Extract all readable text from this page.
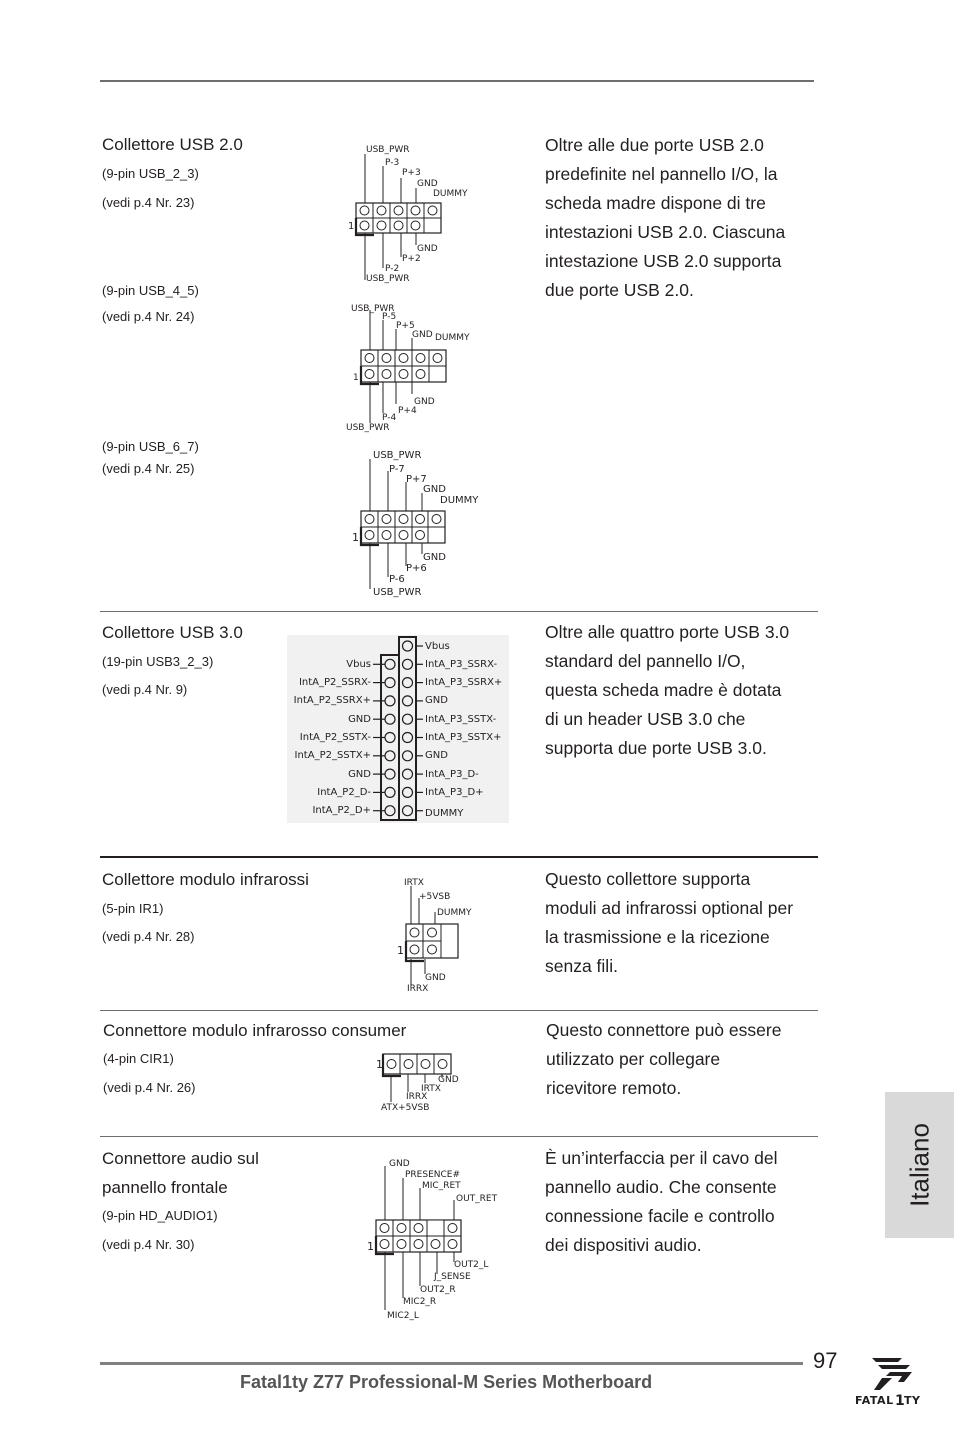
Collettore USB 2.0
(9-pin USB_2_3)
(vedi p.4 Nr. 23)
(9-pin USB_4_5)
(vedi p.4 Nr. 24)
(9-pin USB_6_7)
(vedi p.4 Nr. 25)
Oltre alle due porte USB 2.0
predefinite nel pannello I/O, la
scheda madre dispone di tre
intestazioni USB 2.0. Ciascuna
intestazione USB 2.0 supporta
due porte USB 2.0.
USB_PWR
P-3
P+3
GND
DUMMY
GND
P+2
P-2
USB_PWR
1
USB_PWR
P-5
P+5
GND DUMMY
GND
P+4
P-4
USB_PWR
1
USB_PWR
P-7
P+7
GND
DUMMY
GND
P+6
P-6
USB_PWR
1
Collettore USB 3.0
(19-pin USB3_2_3)
(vedi p.4 Nr. 9)
Oltre alle quattro porte USB 3.0
standard del pannello I/O,
questa scheda madre è dotata
di un header USB 3.0 che
supporta due porte USB 3.0.
Vbus
IntA_P2_SSRX-
IntA_P2_SSRX+
GND
IntA_P2_SSTX-
IntA_P2_SSTX+
GND
IntA_P2_D-
IntA_P2_D+
Vbus
IntA_P3_SSRX-
IntA_P3_SSRX+
GND
IntA_P3_SSTX-
IntA_P3_SSTX+
GND
IntA_P3_D-
IntA_P3_D+
DUMMY
Collettore modulo infrarossi
(5-pin IR1)
(vedi p.4 Nr. 28)
Questo collettore supporta
moduli ad infrarossi optional per
la trasmissione e la ricezione
senza fili.
IRTX
+5VSB
DUMMY
GND
IRRX
1
Connettore modulo infrarosso consumer
(4-pin CIR1)
(vedi p.4 Nr. 26)
Questo connettore può essere
utilizzato per collegare
ricevitore remoto.
IRRX
IRTX
GND
ATX+5VSB
1
Connettore audio sul
pannello frontale
(9-pin HD_AUDIO1)
(vedi p.4 Nr. 30)
È un’interfaccia per il cavo del
pannello audio. Che consente
connessione facile e controllo
dei dispositivi audio.
GND
PRESENCE#
MIC_RET
OUT_RET
OUT2_L
J_SENSE
OUT2_R
MIC2_R
MIC2_L
1
Italiano
97
Fatal1ty Z77 Professional-M Series Motherboard
FATAL 1 TY
FATAL1TY
